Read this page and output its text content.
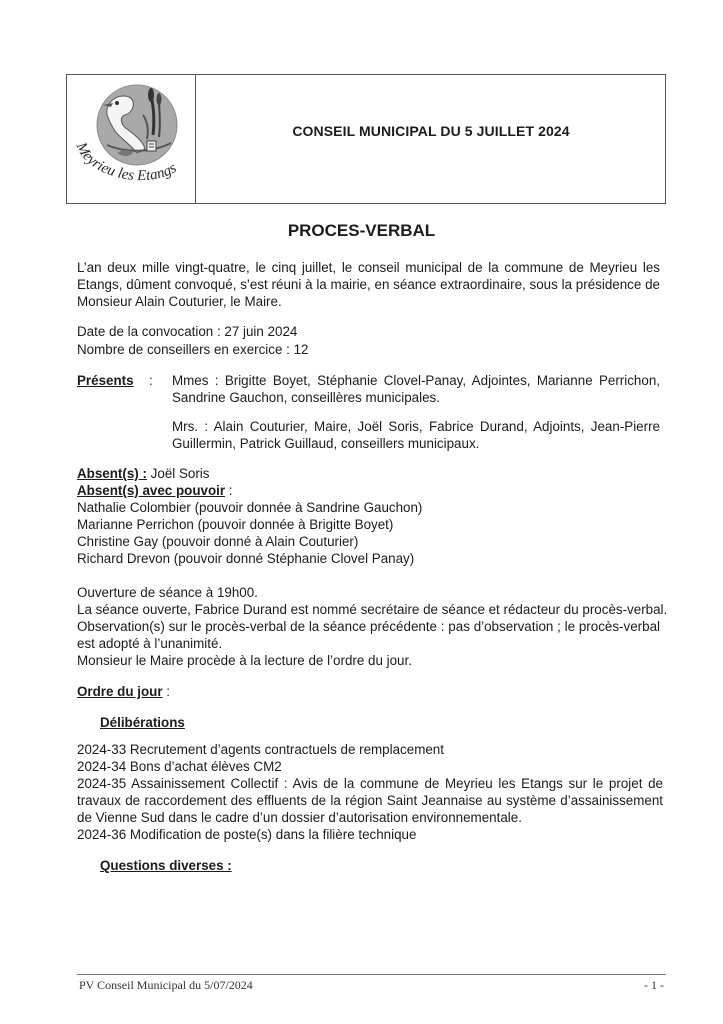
Meyrieu les Etangs
CONSEIL MUNICIPAL DU 5 JUILLET 2024
PROCES-VERBAL
L’an deux mille vingt-quatre, le cinq juillet, le conseil municipal de la commune de Meyrieu les Etangs, dûment convoqué, s’est réuni à la mairie, en séance extraordinaire, sous la présidence de Monsieur Alain Couturier, le Maire.
Date de la convocation : 27 juin 2024
Nombre de conseillers en exercice : 12
Présents : Mmes : Brigitte Boyet, Stéphanie Clovel-Panay, Adjointes, Marianne Perrichon, Sandrine Gauchon, conseillères municipales.
Mrs. : Alain Couturier, Maire, Joël Soris, Fabrice Durand, Adjoints, Jean-Pierre Guillermin, Patrick Guillaud, conseillers municipaux.
Absent(s) : Joël Soris
Absent(s) avec pouvoir :
Nathalie Colombier (pouvoir donnée à Sandrine Gauchon)
Marianne Perrichon (pouvoir donnée à Brigitte Boyet)
Christine Gay (pouvoir donné à Alain Couturier)
Richard Drevon (pouvoir donné Stéphanie Clovel Panay)
Ouverture de séance à 19h00.
La séance ouverte, Fabrice Durand est nommé secrétaire de séance et rédacteur du procès-verbal.
Observation(s) sur le procès-verbal de la séance précédente : pas d’observation ; le procès-verbal est adopté à l’unanimité.
Monsieur le Maire procède à la lecture de l’ordre du jour.
Ordre du jour :
Délibérations
2024-33 Recrutement d’agents contractuels de remplacement
2024-34 Bons d’achat élèves CM2
2024-35 Assainissement Collectif : Avis de la commune de Meyrieu les Etangs sur le projet de travaux de raccordement des effluents de la région Saint Jeannaise au système d’assainissement de Vienne Sud dans le cadre d’un dossier d’autorisation environnementale.
2024-36 Modification de poste(s) dans la filière technique
Questions diverses :
PV Conseil Municipal du 5/07/2024	- 1 -
